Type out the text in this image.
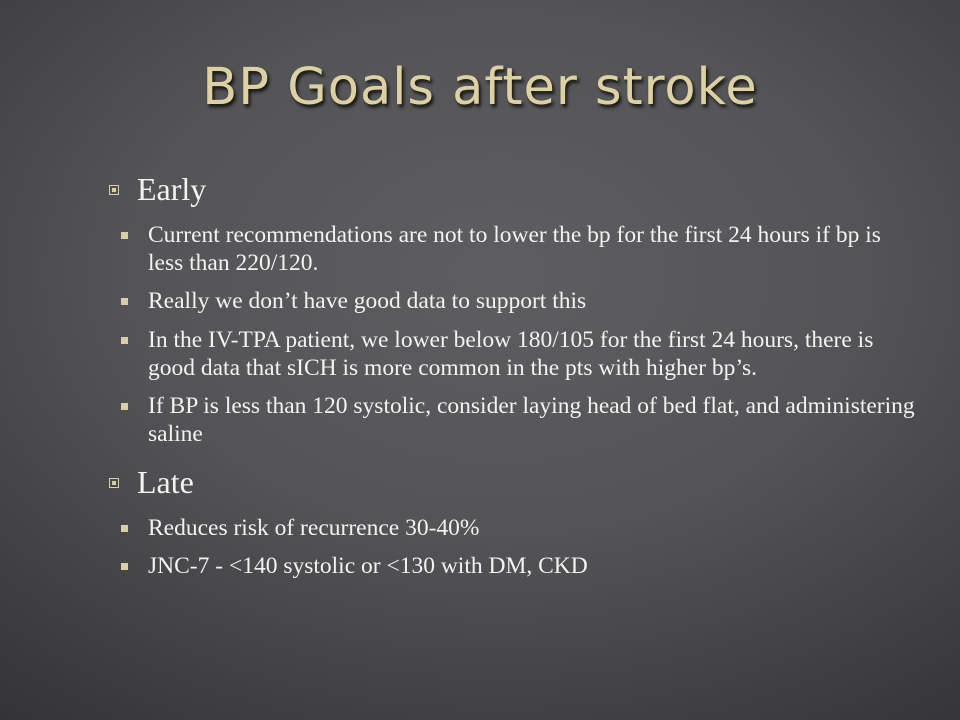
BP Goals after stroke
Early
Current recommendations are not to lower the bp for the first 24 hours if bp is less than 220/120.
Really we don’t have good data to support this
In the IV-TPA patient, we lower below 180/105 for the first 24 hours, there is good data that sICH is more common in the pts with higher bp’s.
If BP is less than 120 systolic, consider laying head of bed flat, and administering saline
Late
Reduces risk of recurrence 30-40%
JNC-7 - <140 systolic or <130 with DM, CKD
